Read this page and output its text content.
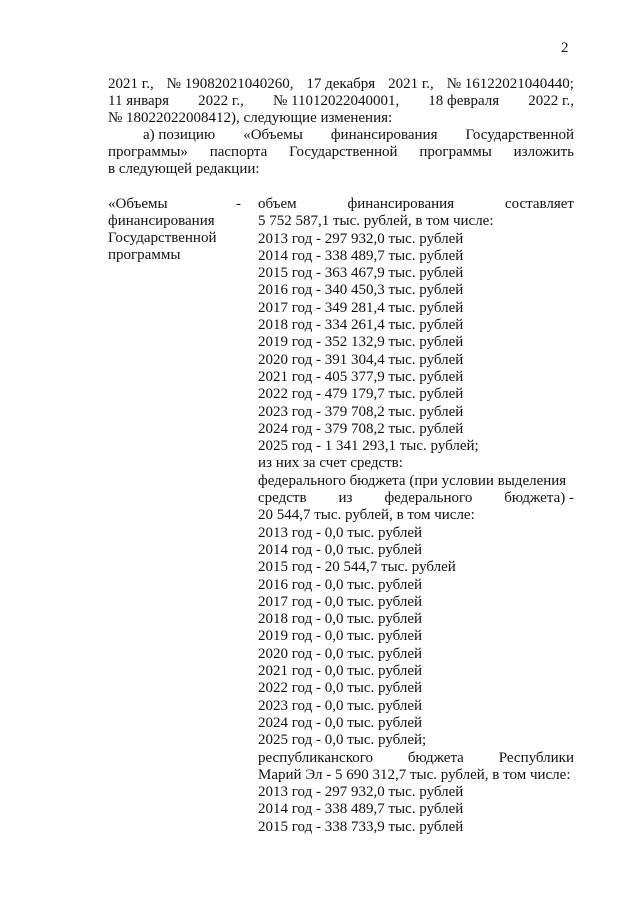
2
2021 г., № 19082021040260, 17 декабря 2021 г., № 16122021040440;
11 января 2022 г., № 11012022040001, 18 февраля 2022 г.,
№ 18022022008412), следующие изменения:
а) позицию «Объемы финансирования Государственной
программы» паспорта Государственной программы изложить
в следующей редакции:
«Объемы
финансирования
Государственной
программы
- объем	финансирования	составляет
5 752 587,1 тыс. рублей, в том числе:
2013 год - 297 932,0 тыс. рублей
2014 год - 338 489,7 тыс. рублей
2015 год - 363 467,9 тыс. рублей
2016 год - 340 450,3 тыс. рублей
2017 год - 349 281,4 тыс. рублей
2018 год - 334 261,4 тыс. рублей
2019 год - 352 132,9 тыс. рублей
2020 год - 391 304,4 тыс. рублей
2021 год - 405 377,9 тыс. рублей
2022 год - 479 179,7 тыс. рублей
2023 год - 379 708,2 тыс. рублей
2024 год - 379 708,2 тыс. рублей
2025 год - 1 341 293,1 тыс. рублей;
из них за счет средств:
федерального бюджета (при условии выделения
средств из федерального бюджета) -
20 544,7 тыс. рублей, в том числе:
2013 год - 0,0 тыс. рублей
2014 год - 0,0 тыс. рублей
2015 год - 20 544,7 тыс. рублей
2016 год - 0,0 тыс. рублей
2017 год - 0,0 тыс. рублей
2018 год - 0,0 тыс. рублей
2019 год - 0,0 тыс. рублей
2020 год - 0,0 тыс. рублей
2021 год - 0,0 тыс. рублей
2022 год - 0,0 тыс. рублей
2023 год - 0,0 тыс. рублей
2024 год - 0,0 тыс. рублей
2025 год - 0,0 тыс. рублей;
республиканского бюджета Республики
Марий Эл - 5 690 312,7 тыс. рублей, в том числе:
2013 год - 297 932,0 тыс. рублей
2014 год - 338 489,7 тыс. рублей
2015 год - 338 733,9 тыс. рублей
